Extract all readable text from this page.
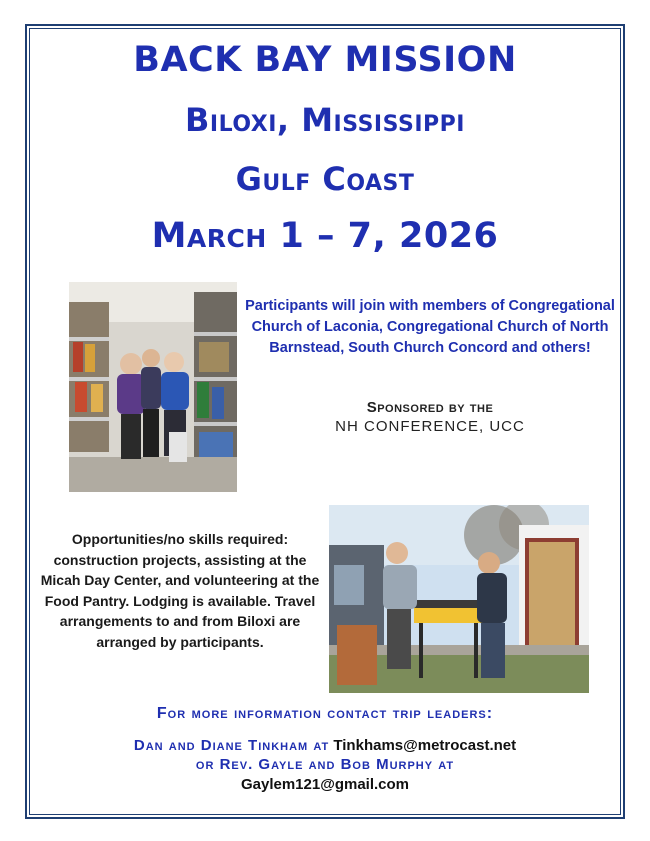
BACK BAY MISSION
Biloxi, Mississippi
Gulf Coast
March 1 – 7, 2026

Participants will join with members of Congregational Church of Laconia, Congregational Church of North Barnstead, South Church Concord and others!

Sponsored by the

NH CONFERENCE, UCC

Opportunities/no skills required: construction projects, assisting at the Micah Day Center, and volunteering at the Food Pantry. Lodging is available. Travel arrangements to and from Biloxi are arranged by participants.

For more information contact trip leaders:

Dan and Diane Tinkham at Tinkhams@metrocast.net

or Rev. Gayle and Bob Murphy at

Gaylem121@gmail.com
